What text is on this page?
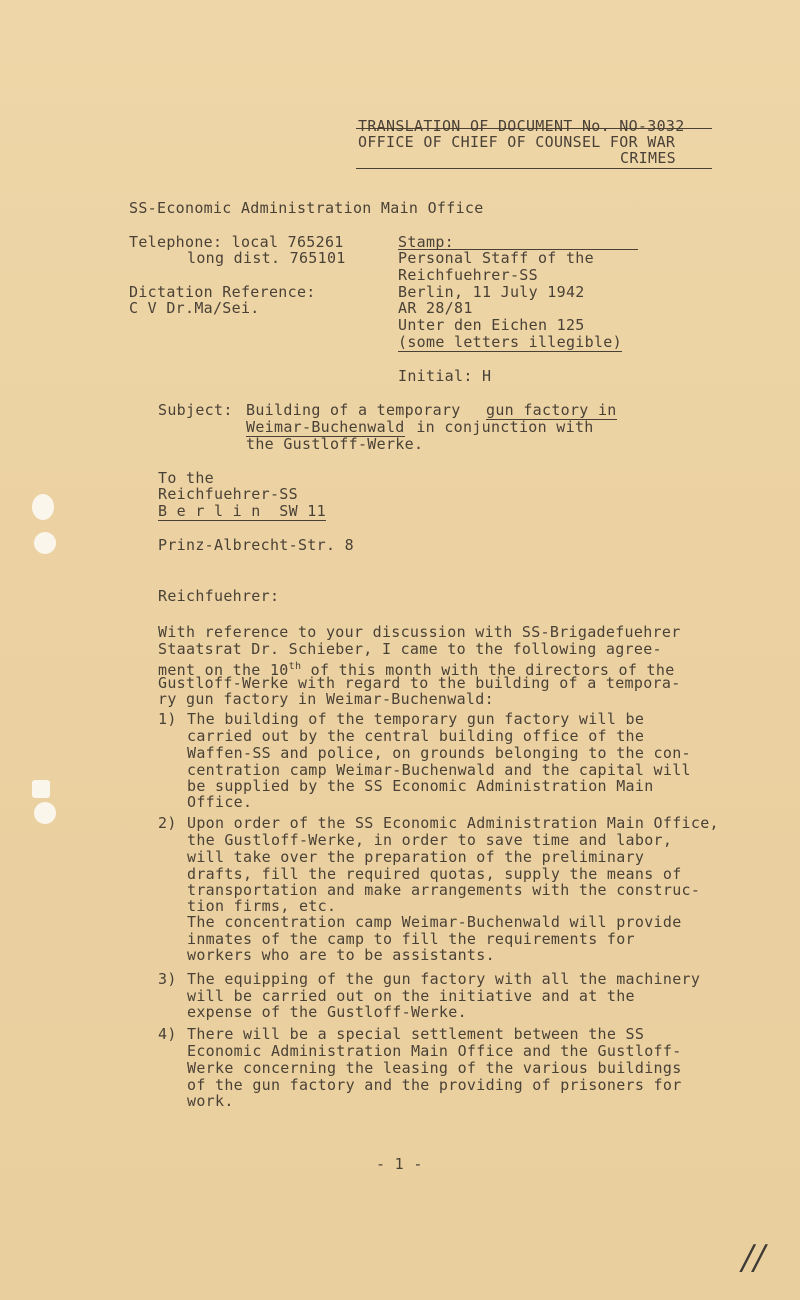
TRANSLATION OF DOCUMENT No. NO-3032
OFFICE OF CHIEF OF COUNSEL FOR WAR
CRIMES
SS-Economic Administration Main Office
Telephone: local 765261
long dist. 765101
Dictation Reference:
C V Dr.Ma/Sei.
Stamp:
Personal Staff of the
Reichfuehrer-SS
Berlin, 11 July 1942
AR 28/81
Unter den Eichen 125
(some letters illegible)
Initial: H
Subject: Building of a temporary gun factory in
Weimar-Buchenwald in conjunction with
the Gustloff-Werke.
To the
Reichfuehrer-SS
B e r l i n  SW 11
Prinz-Albrecht-Str. 8
Reichfuehrer:
With reference to your discussion with SS-Brigadefuehrer
Staatsrat Dr. Schieber, I came to the following agree-
ment on the 10th of this month with the directors of the
Gustloff-Werke with regard to the building of a tempora-
ry gun factory in Weimar-Buchenwald:
1) The building of the temporary gun factory will be
carried out by the central building office of the
Waffen-SS and police, on grounds belonging to the con-
centration camp Weimar-Buchenwald and the capital will
be supplied by the SS Economic Administration Main
Office.
2) Upon order of the SS Economic Administration Main Office,
the Gustloff-Werke, in order to save time and labor,
will take over the preparation of the preliminary
drafts, fill the required quotas, supply the means of
transportation and make arrangements with the construc-
tion firms, etc.
The concentration camp Weimar-Buchenwald will provide
inmates of the camp to fill the requirements for
workers who are to be assistants.
3) The equipping of the gun factory with all the machinery
will be carried out on the initiative and at the
expense of the Gustloff-Werke.
4) There will be a special settlement between the SS
Economic Administration Main Office and the Gustloff-
Werke concerning the leasing of the various buildings
of the gun factory and the providing of prisoners for
work.
- 1 -
//
